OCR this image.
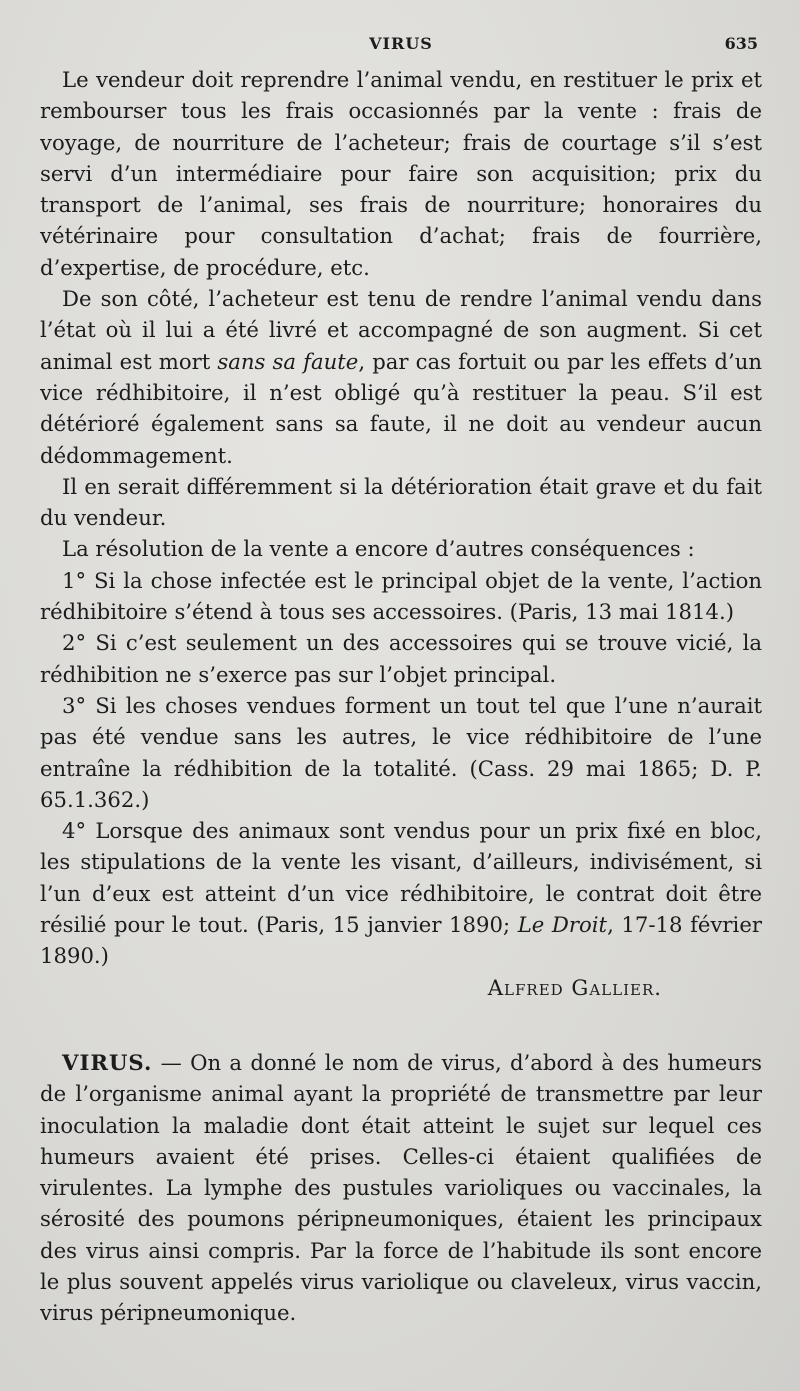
VIRUS	635

Le vendeur doit reprendre l’animal vendu, en restituer le prix et rembourser tous les frais occasionnés par la vente : frais de voyage, de nourriture de l’acheteur; frais de courtage s’il s’est servi d’un intermédiaire pour faire son acquisition; prix du transport de l’animal, ses frais de nourriture; honoraires du vétérinaire pour consultation d’achat; frais de fourrière, d’expertise, de procédure, etc.

De son côté, l’acheteur est tenu de rendre l’animal vendu dans l’état où il lui a été livré et accompagné de son augment. Si cet animal est mort sans sa faute, par cas fortuit ou par les effets d’un vice rédhibitoire, il n’est obligé qu’à restituer la peau. S’il est détérioré également sans sa faute, il ne doit au vendeur aucun dédommagement.

Il en serait différemment si la détérioration était grave et du fait du vendeur.

La résolution de la vente a encore d’autres conséquences :

1° Si la chose infectée est le principal objet de la vente, l’action rédhibitoire s’étend à tous ses accessoires. (Paris, 13 mai 1814.)

2° Si c’est seulement un des accessoires qui se trouve vicié, la rédhibition ne s’exerce pas sur l’objet principal.

3° Si les choses vendues forment un tout tel que l’une n’aurait pas été vendue sans les autres, le vice rédhibitoire de l’une entraîne la rédhibition de la totalité. (Cass. 29 mai 1865; D. P. 65.1.362.)

4° Lorsque des animaux sont vendus pour un prix fixé en bloc, les stipulations de la vente les visant, d’ailleurs, indivisément, si l’un d’eux est atteint d’un vice rédhibitoire, le contrat doit être résilié pour le tout. (Paris, 15 janvier 1890; Le Droit, 17-18 février 1890.)

Alfred Gallier.

VIRUS. — On a donné le nom de virus, d’abord à des humeurs de l’organisme animal ayant la propriété de transmettre par leur inoculation la maladie dont était atteint le sujet sur lequel ces humeurs avaient été prises. Celles-ci étaient qualifiées de virulentes. La lymphe des pustules varioliques ou vaccinales, la sérosité des poumons péripneumoniques, étaient les principaux des virus ainsi compris. Par la force de l’habitude ils sont encore le plus souvent appelés virus variolique ou claveleux, virus vaccin, virus péripneumonique.
